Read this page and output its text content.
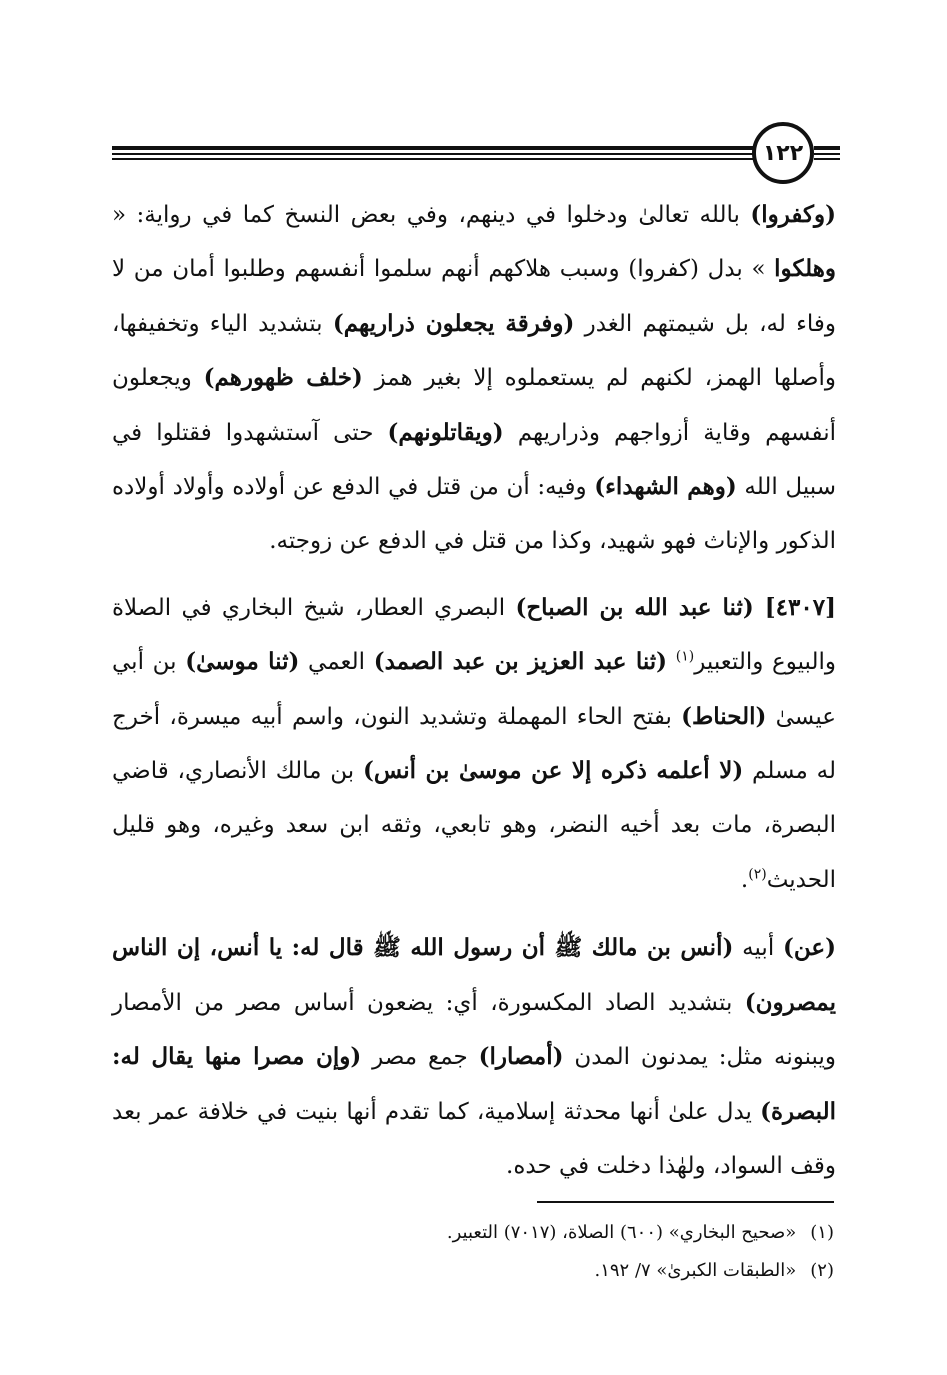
١٢٢

(وكفروا) بالله تعالىٰ ودخلوا في دينهم، وفي بعض النسخ كما في رواية: « وهلكوا » بدل (كفروا) وسبب هلاكهم أنهم سلموا أنفسهم وطلبوا أمان من لا وفاء له، بل شيمتهم الغدر (وفرقة يجعلون ذراريهم) بتشديد الياء وتخفيفها، وأصلها الهمز، لكنهم لم يستعملوه إلا بغير همز (خلف ظهورهم) ويجعلون أنفسهم وقاية أزواجهم وذراريهم (ويقاتلونهم) حتى آستشهدوا فقتلوا في سبيل الله (وهم الشهداء) وفيه: أن من قتل في الدفع عن أولاده وأولاد أولاده الذكور والإناث فهو شهيد، وكذا من قتل في الدفع عن زوجته.

[٤٣٠٧] (ثنا عبد الله بن الصباح) البصري العطار، شيخ البخاري في الصلاة والبيوع والتعبير$^{(١)}$ (ثنا عبد العزيز بن عبد الصمد) العمي (ثنا موسىٰ) بن أبي عيسىٰ (الحناط) بفتح الحاء المهملة وتشديد النون، واسم أبيه ميسرة، أخرج له مسلم (لا أعلمه ذكره إلا عن موسىٰ بن أنس) بن مالك الأنصاري، قاضي البصرة، مات بعد أخيه النضر، وهو تابعي، وثقه ابن سعد وغيره، وهو قليل الحديث$^{(٢)}$.

(عن) أبيه (أنس بن مالك ﷺ أن رسول الله ﷺ قال له: يا أنس، إن الناس يمصرون) بتشديد الصاد المكسورة، أي: يضعون أساس مصر من الأمصار ويبنونه مثل: يمدنون المدن (أمصارا) جمع مصر (وإن مصرا منها يقال له: البصرة) يدل علىٰ أنها محدثة إسلامية، كما تقدم أنها بنيت في خلافة عمر بعد وقف السواد، ولهٰذا دخلت في حده.

(١)«صحيح البخاري» (٦٠٠) الصلاة، (٧٠١٧) التعبير.

(٢)«الطبقات الكبرىٰ» ٧/ ١٩٢.
